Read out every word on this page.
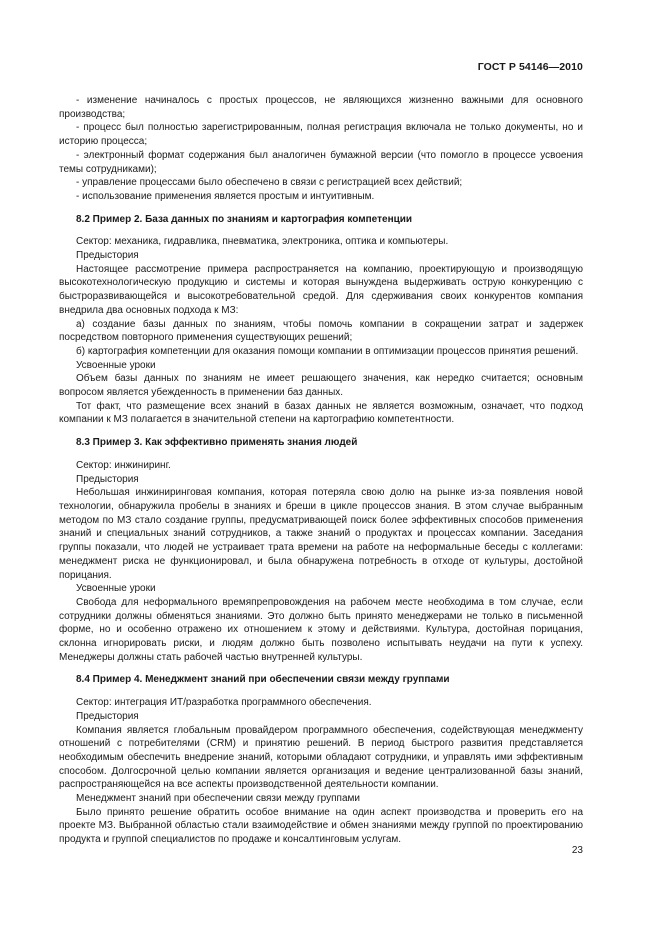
ГОСТ Р 54146—2010

- изменение начиналось с простых процессов, не являющихся жизненно важными для основного производства;

- процесс был полностью зарегистрированным, полная регистрация включала не только документы, но и историю процесса;

- электронный формат содержания был аналогичен бумажной версии (что помогло в процессе усвоения темы сотрудниками);

- управление процессами было обеспечено в связи с регистрацией всех действий;

- использование применения является простым и интуитивным.

8.2 Пример 2. База данных по знаниям и картография компетенции

Сектор: механика, гидравлика, пневматика, электроника, оптика и компьютеры.

Предыстория

Настоящее рассмотрение примера распространяется на компанию, проектирующую и производящую высокотехнологическую продукцию и системы и которая вынуждена выдерживать острую конкуренцию с быстроразвивающейся и высокотребовательной средой. Для сдерживания своих конкурентов компания внедрила два основных подхода к МЗ:

а) создание базы данных по знаниям, чтобы помочь компании в сокращении затрат и задержек посредством повторного применения существующих решений;

б) картография компетенции для оказания помощи компании в оптимизации процессов принятия решений.

Усвоенные уроки

Объем базы данных по знаниям не имеет решающего значения, как нередко считается; основным вопросом является убежденность в применении баз данных.

Тот факт, что размещение всех знаний в базах данных не является возможным, означает, что подход компании к МЗ полагается в значительной степени на картографию компетентности.

8.3 Пример 3. Как эффективно применять знания людей

Сектор: инжиниринг.

Предыстория

Небольшая инжиниринговая компания, которая потеряла свою долю на рынке из-за появления новой технологии, обнаружила пробелы в знаниях и бреши в цикле процессов знания. В этом случае выбранным методом по МЗ стало создание группы, предусматривающей поиск более эффективных способов применения знаний и специальных знаний сотрудников, а также знаний о продуктах и процессах компании. Заседания группы показали, что людей не устраивает трата времени на работе на неформальные беседы с коллегами: менеджмент риска не функционировал, и была обнаружена потребность в отходе от культуры, достойной порицания.

Усвоенные уроки

Свобода для неформального времяпрепровождения на рабочем месте необходима в том случае, если сотрудники должны обменяться знаниями. Это должно быть принято менеджерами не только в письменной форме, но и особенно отражено их отношением к этому и действиями. Культура, достойная порицания, склонна игнорировать риски, и людям должно быть позволено испытывать неудачи на пути к успеху. Менеджеры должны стать рабочей частью внутренней культуры.

8.4 Пример 4. Менеджмент знаний при обеспечении связи между группами

Сектор: интеграция ИТ/разработка программного обеспечения.

Предыстория

Компания является глобальным провайдером программного обеспечения, содействующая менеджменту отношений с потребителями (CRM) и принятию решений. В период быстрого развития представляется необходимым обеспечить внедрение знаний, которыми обладают сотрудники, и управлять ими эффективным способом. Долгосрочной целью компании является организация и ведение централизованной базы знаний, распространяющейся на все аспекты производственной деятельности компании.

Менеджмент знаний при обеспечении связи между группами

Было принято решение обратить особое внимание на один аспект производства и проверить его на проекте МЗ. Выбранной областью стали взаимодействие и обмен знаниями между группой по проектированию продукта и группой специалистов по продаже и консалтинговым услугам.

23
